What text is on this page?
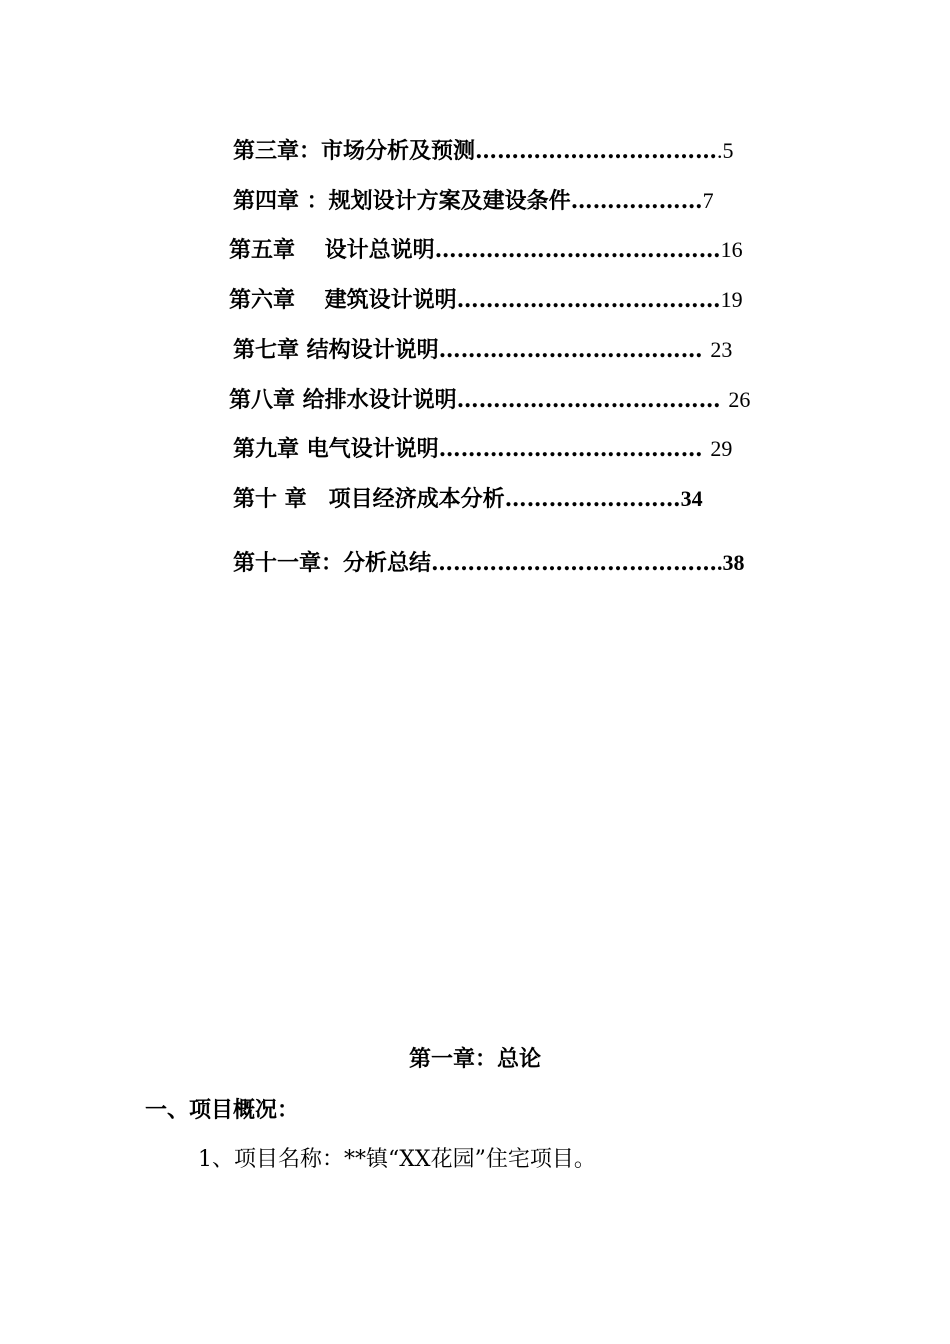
第三章：市场分析及预测…………………………….5
第四章 ：规划设计方案及建设条件………………7
第五章　 设计总说明…………………………………16
第六章　 建筑设计说明………………………………19
第七章 结构设计说明……………………………… 23
第八章 给排水设计说明……………………………… 26
第九章 电气设计说明……………………………… 29
第十 章　项目经济成本分析……………………34
第十一章：分析总结………………………………….38
第一章：总论
一、项目概况：
1、项目名称：**镇“XX花园”住宅项目。
